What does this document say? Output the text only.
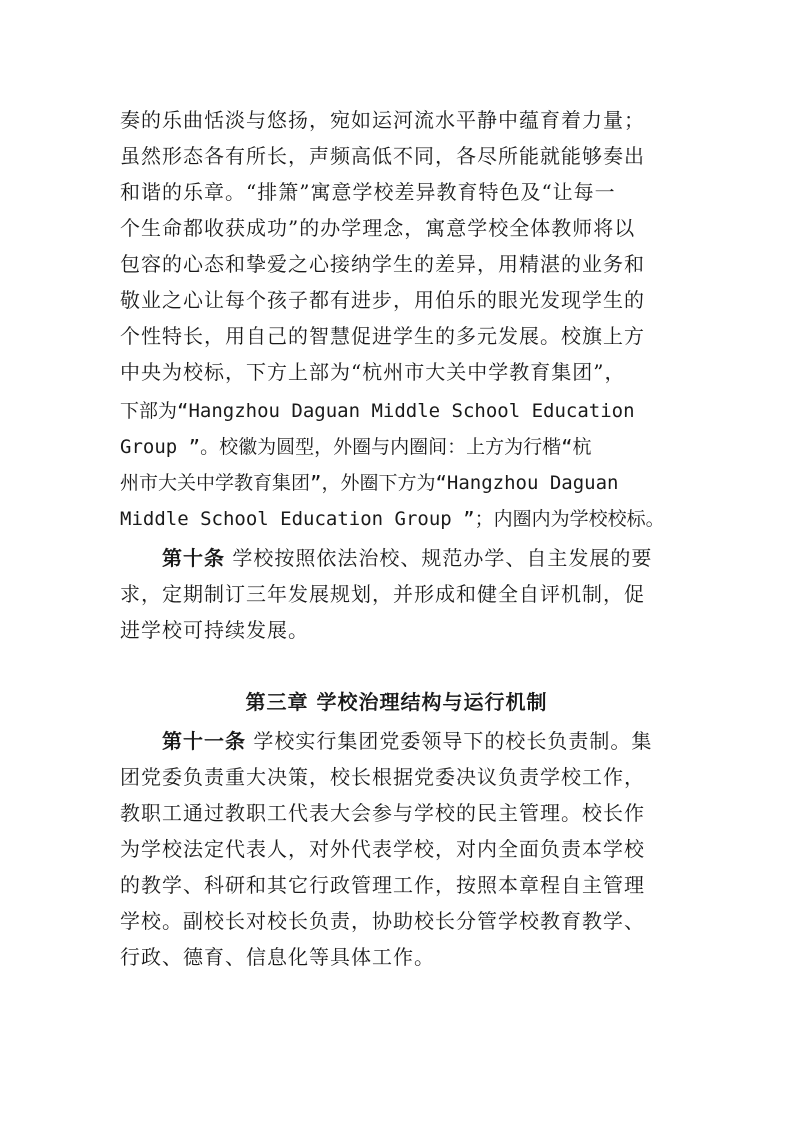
奏的乐曲恬淡与悠扬，宛如运河流水平静中蕴育着力量；
虽然形态各有所长，声频高低不同，各尽所能就能够奏出
和谐的乐章。“排箫”寓意学校差异教育特色及“让每一
个生命都收获成功”的办学理念，寓意学校全体教师将以
包容的心态和挚爱之心接纳学生的差异，用精湛的业务和
敬业之心让每个孩子都有进步，用伯乐的眼光发现学生的
个性特长，用自己的智慧促进学生的多元发展。校旗上方
中央为校标，下方上部为“杭州市大关中学教育集团”，
下部为“Hangzhou Daguan Middle School Education
Group ”。校徽为圆型，外圈与内圈间：上方为行楷“杭
州市大关中学教育集团”，外圈下方为“Hangzhou Daguan
Middle School Education Group ”；内圈内为学校校标。
第十条 学校按照依法治校、规范办学、自主发展的要
求，定期制订三年发展规划，并形成和健全自评机制，促
进学校可持续发展。
第三章 学校治理结构与运行机制
第十一条 学校实行集团党委领导下的校长负责制。集
团党委负责重大决策，校长根据党委决议负责学校工作，
教职工通过教职工代表大会参与学校的民主管理。校长作
为学校法定代表人，对外代表学校，对内全面负责本学校
的教学、科研和其它行政管理工作，按照本章程自主管理
学校。副校长对校长负责，协助校长分管学校教育教学、
行政、德育、信息化等具体工作。
